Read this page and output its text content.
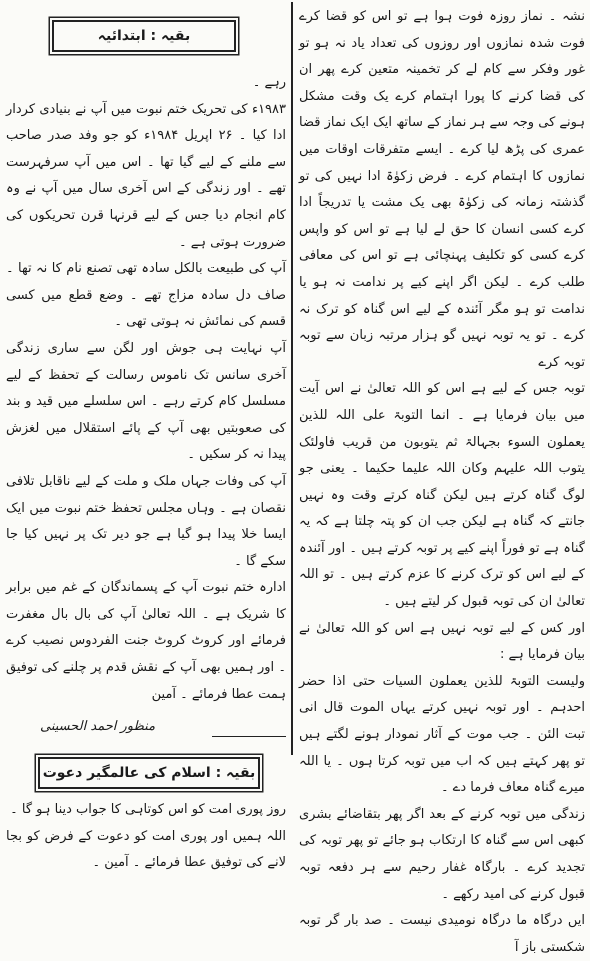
نشہ ۔ نماز روزہ فوت ہوا ہے تو اس کو قضا کرے فوت شدہ نمازوں اور روزوں کی تعداد یاد نہ ہو تو غور وفکر سے کام لے کر تخمینہ متعین کرے پھر ان کی قضا کرنے کا پورا اہتمام کرے یک وقت مشکل ہونے کی وجہ سے ہر نماز کے ساتھ ایک ایک نماز قضا عمری کی پڑھ لیا کرے ۔ ایسے متفرقات اوقات میں نمازوں کا اہتمام کرے ۔ فرض زکوٰۃ ادا نہیں کی تو گذشتہ زمانہ کی زکوٰۃ بھی یک مشت یا تدریجاً ادا کرے کسی انسان کا حق لے لیا ہے تو اس کو واپس کرے کسی کو تکلیف پہنچائی ہے تو اس کی معافی طلب کرے ۔ لیکن اگر اپنے کیے پر ندامت نہ ہو یا ندامت تو ہو مگر آئندہ کے لیے اس گناہ کو ترک نہ کرے ۔ تو یہ توبہ نہیں گو ہزار مرتبہ زبان سے توبہ توبہ کرے

توبہ جس کے لیے ہے اس کو اللہ تعالیٰ نے اس آیت میں بیان فرمایا ہے ۔ انما التوبۃ علی اللہ للذین یعملون السوء بجہالۃ ثم یتوبون من قریب فاولئک یتوب اللہ علیہم وکان اللہ علیما حکیما ۔ یعنی جو لوگ گناہ کرتے ہیں لیکن گناہ کرتے وقت وہ نہیں جانتے کہ گناہ ہے لیکن جب ان کو پتہ چلتا ہے کہ یہ گناہ ہے تو فوراً اپنے کیے پر توبہ کرتے ہیں ۔ اور آئندہ کے لیے اس کو ترک کرنے کا عزم کرتے ہیں ۔ تو اللہ تعالیٰ ان کی توبہ قبول کر لیتے ہیں ۔

اور کس کے لیے توبہ نہیں ہے اس کو اللہ تعالیٰ نے بیان فرمایا ہے :

ولیست التوبۃ للذین یعملون السیات حتی اذا حضر احدہم ۔ اور توبہ نہیں کرتے یہاں الموت قال انی تبت الئن ۔ جب موت کے آثار نمودار ہونے لگتے ہیں تو پھر کہتے ہیں کہ اب میں توبہ کرتا ہوں ۔ یا اللہ میرے گناہ معاف فرما دے ۔

زندگی میں توبہ کرنے کے بعد اگر پھر بتقاضائے بشری کبھی اس سے گناہ کا ارتکاب ہو جائے تو پھر توبہ کی تجدید کرے ۔ بارگاہ غفار رحیم سے ہر دفعہ توبہ قبول کرنے کی امید رکھے ۔

ایں درگاہ ما درگاہ نومیدی نیست ۔ صد بار گر توبہ شکستی باز آ

بقیہ : ابتدائیہ

رہے ۔

۱۹۸۳ء کی تحریک ختم نبوت میں آپ نے بنیادی کردار ادا کیا ۔ ۲۶ اپریل ۱۹۸۴ء کو جو وفد صدر صاحب سے ملنے کے لیے گیا تھا ۔ اس میں آپ سرفہرست تھے ۔ اور زندگی کے اس آخری سال میں آپ نے وہ کام انجام دیا جس کے لیے قرنہا قرن تحریکوں کی ضرورت ہوتی ہے ۔

آپ کی طبیعت بالکل سادہ تھی تصنع نام کا نہ تھا ۔ صاف دل سادہ مزاج تھے ۔ وضع قطع میں کسی قسم کی نمائش نہ ہوتی تھی ۔

آپ نہایت ہی جوش اور لگن سے ساری زندگی آخری سانس تک ناموس رسالت کے تحفظ کے لیے مسلسل کام کرتے رہے ۔ اس سلسلے میں قید و بند کی صعوبتیں بھی آپ کے پائے استقلال میں لغزش پیدا نہ کر سکیں ۔

آپ کی وفات جہاں ملک و ملت کے لیے ناقابل تلافی نقصان ہے ۔ وہاں مجلس تحفظ ختم نبوت میں ایک ایسا خلا پیدا ہو گیا ہے جو دیر تک پر نہیں کیا جا سکے گا ۔

ادارہ ختم نبوت آپ کے پسماندگان کے غم میں برابر کا شریک ہے ۔ اللہ تعالیٰ آپ کی بال بال مغفرت فرمائے اور کروٹ کروٹ جنت الفردوس نصیب کرے ۔ اور ہمیں بھی آپ کے نقش قدم پر چلنے کی توفیق ہمت عطا فرمائے ۔ آمین

منظور احمد الحسینی
بقیہ : اسلام کی عالمگیر دعوت

روز پوری امت کو اس کوتاہی کا جواب دینا ہو گا ۔

اللہ ہمیں اور پوری امت کو دعوت کے فرض کو بجا لانے کی توفیق عطا فرمائے ۔ آمین ۔
